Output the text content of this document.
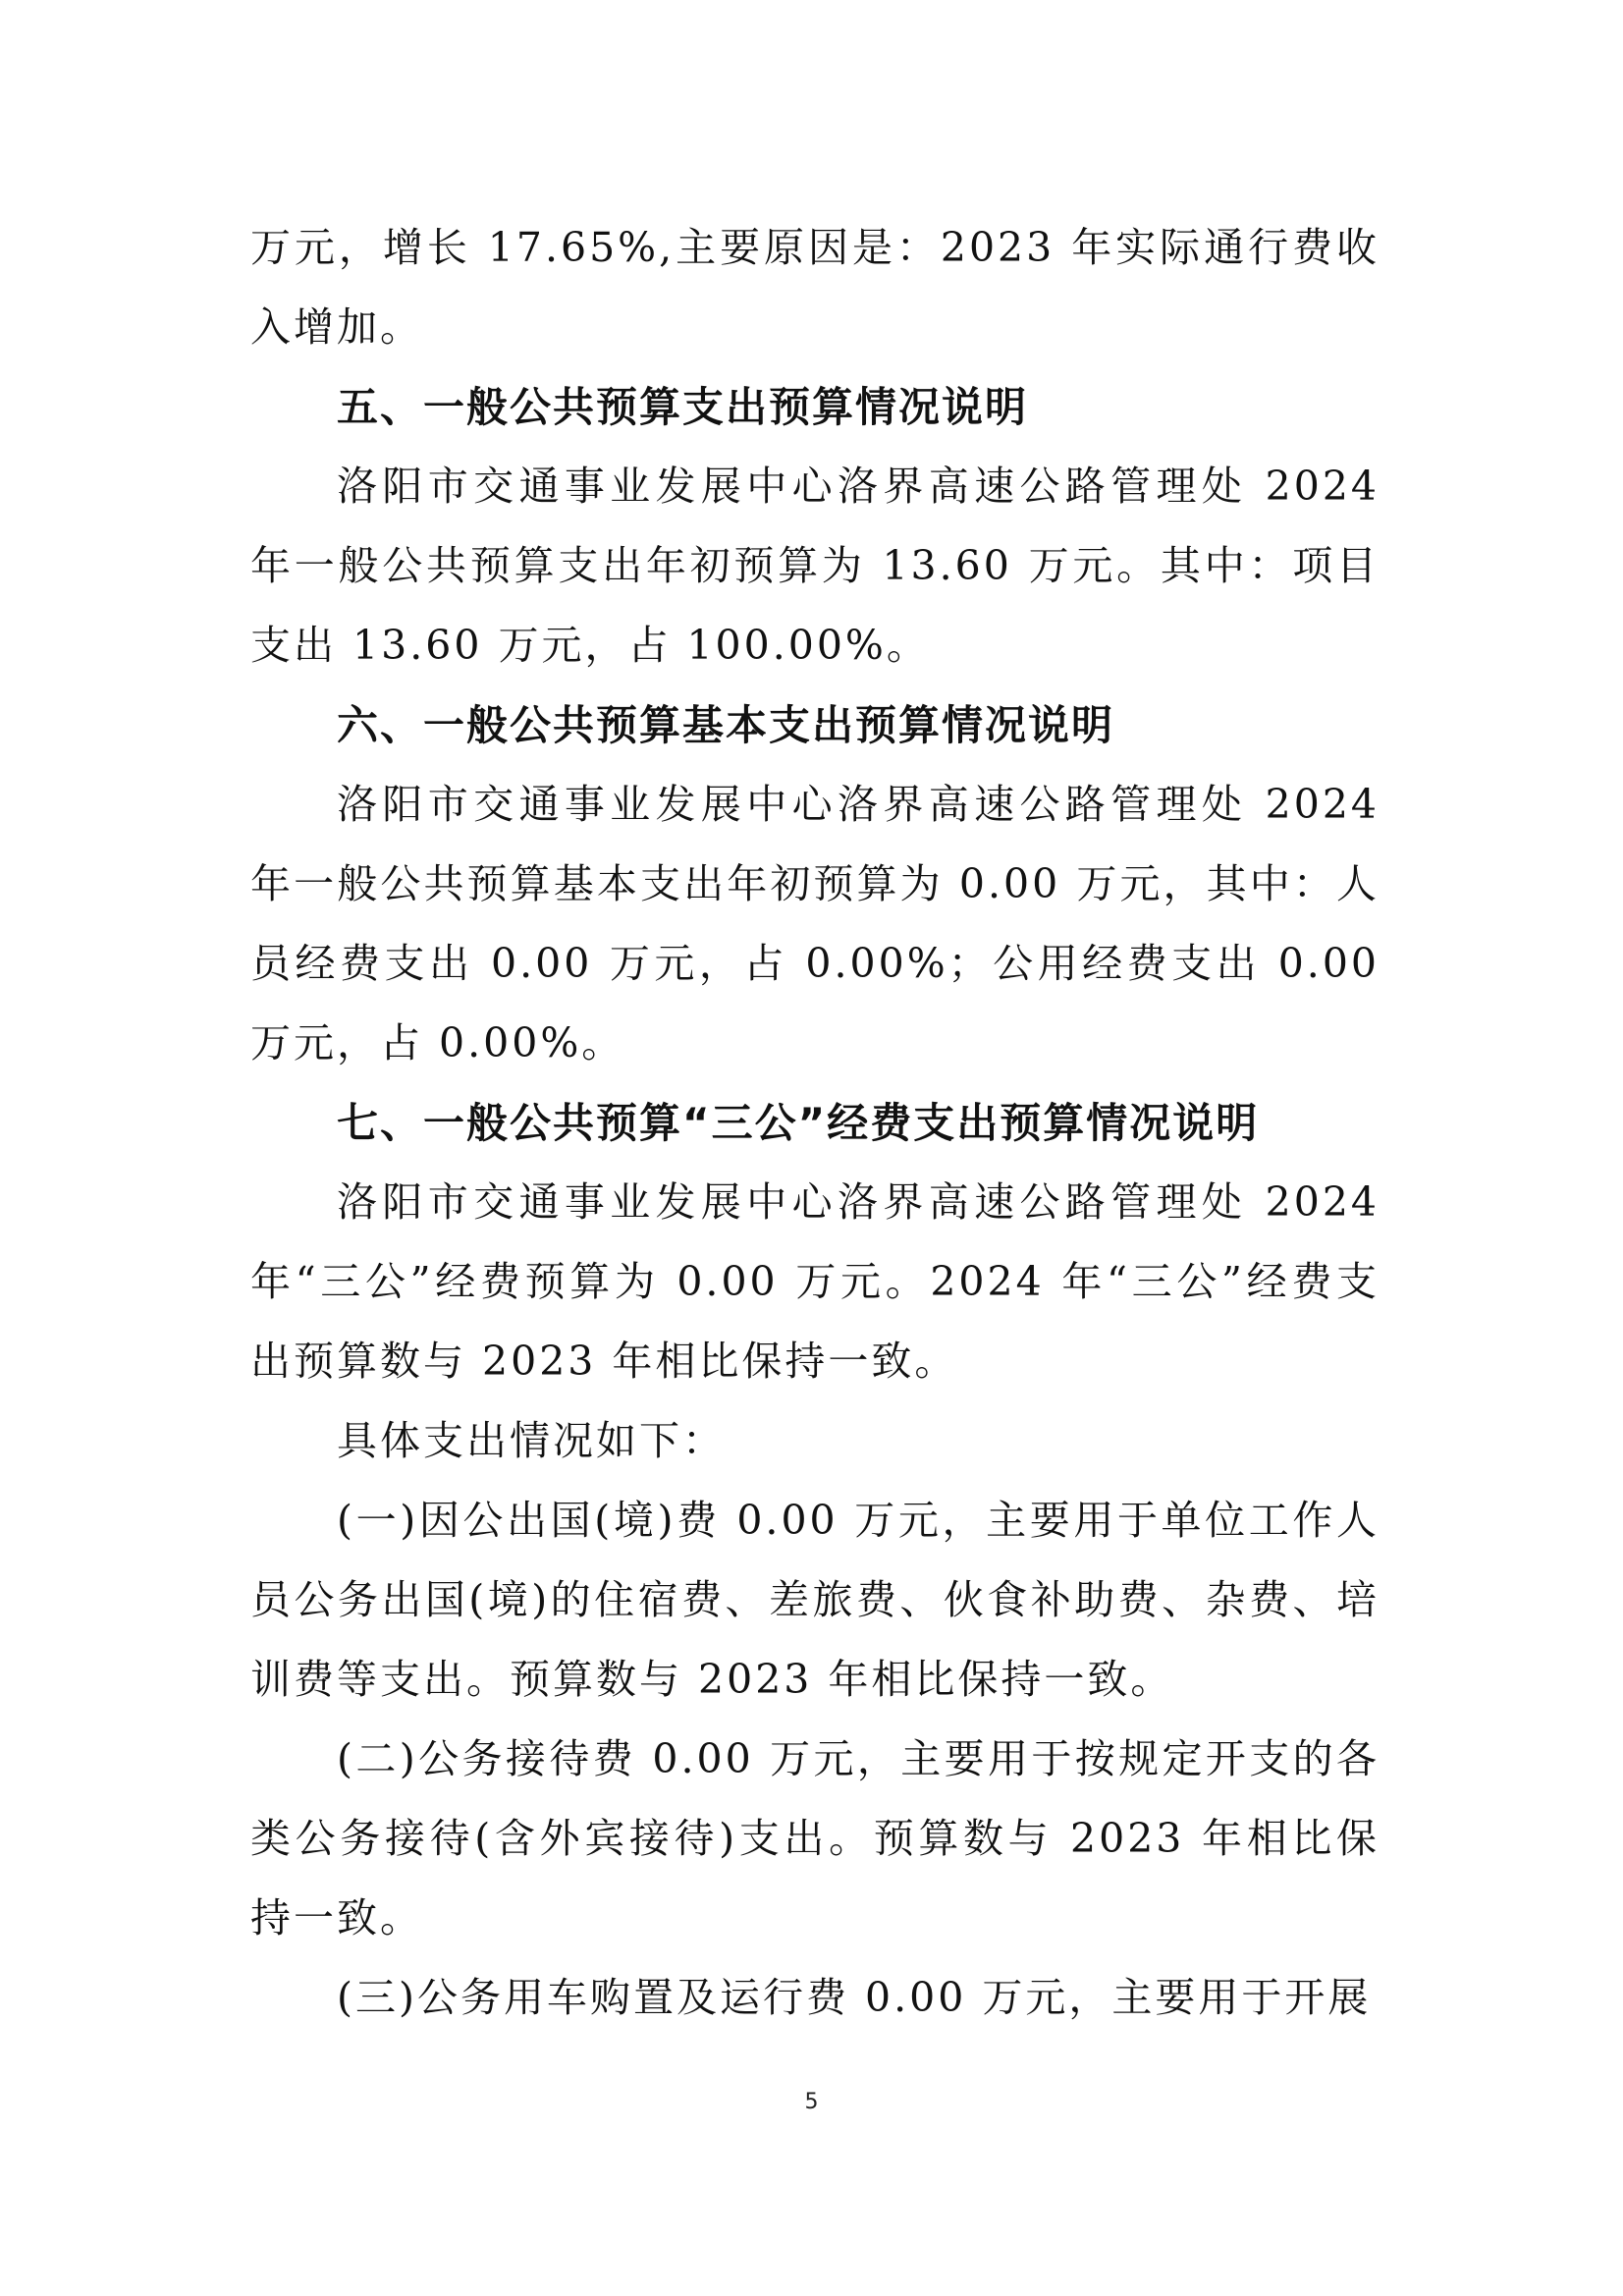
万元，增长 17.65%,主要原因是：2023 年实际通行费收入增加。

五、一般公共预算支出预算情况说明

洛阳市交通事业发展中心洛界高速公路管理处 2024 年一般公共预算支出年初预算为 13.60 万元。其中：项目支出 13.60 万元，占 100.00%。

六、一般公共预算基本支出预算情况说明

洛阳市交通事业发展中心洛界高速公路管理处 2024 年一般公共预算基本支出年初预算为 0.00 万元，其中：人员经费支出 0.00 万元，占 0.00%；公用经费支出 0.00 万元，占 0.00%。

七、一般公共预算“三公”经费支出预算情况说明

洛阳市交通事业发展中心洛界高速公路管理处 2024 年“三公”经费预算为 0.00 万元。2024 年“三公”经费支出预算数与 2023 年相比保持一致。

具体支出情况如下：

(一)因公出国(境)费 0.00 万元，主要用于单位工作人员公务出国(境)的住宿费、差旅费、伙食补助费、杂费、培训费等支出。预算数与 2023 年相比保持一致。

(二)公务接待费 0.00 万元，主要用于按规定开支的各类公务接待(含外宾接待)支出。预算数与 2023 年相比保持一致。

(三)公务用车购置及运行费 0.00 万元，主要用于开展

5
